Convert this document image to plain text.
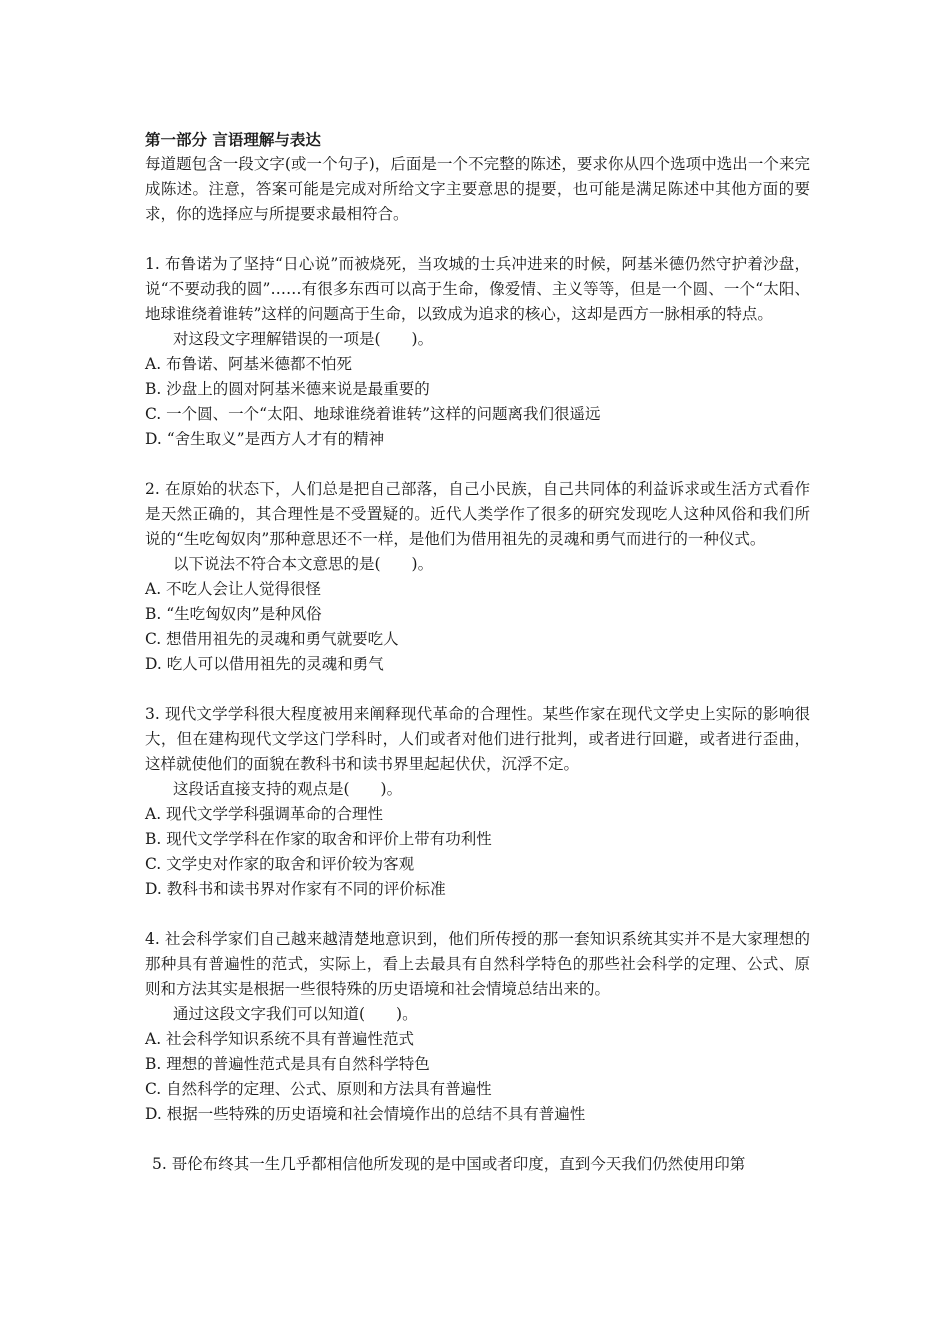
第一部分 言语理解与表达
每道题包含一段文字(或一个句子)，后面是一个不完整的陈述，要求你从四个选项中选出一个来完成陈述。注意，答案可能是完成对所给文字主要意思的提要，也可能是满足陈述中其他方面的要求，你的选择应与所提要求最相符合。
1. 布鲁诺为了坚持“日心说”而被烧死，当攻城的士兵冲进来的时候，阿基米德仍然守护着沙盘，说“不要动我的圆”……有很多东西可以高于生命，像爱情、主义等等，但是一个圆、一个“太阳、地球谁绕着谁转”这样的问题高于生命，以致成为追求的核心，这却是西方一脉相承的特点。
对这段文字理解错误的一项是(　　)。
A. 布鲁诺、阿基米德都不怕死
B. 沙盘上的圆对阿基米德来说是最重要的
C. 一个圆、一个“太阳、地球谁绕着谁转”这样的问题离我们很遥远
D. “舍生取义”是西方人才有的精神
2. 在原始的状态下，人们总是把自己部落，自己小民族，自己共同体的利益诉求或生活方式看作是天然正确的，其合理性是不受置疑的。近代人类学作了很多的研究发现吃人这种风俗和我们所说的“生吃匈奴肉”那种意思还不一样，是他们为借用祖先的灵魂和勇气而进行的一种仪式。
以下说法不符合本文意思的是(　　)。
A. 不吃人会让人觉得很怪
B. “生吃匈奴肉”是种风俗
C. 想借用祖先的灵魂和勇气就要吃人
D. 吃人可以借用祖先的灵魂和勇气
3. 现代文学学科很大程度被用来阐释现代革命的合理性。某些作家在现代文学史上实际的影响很大，但在建构现代文学这门学科时，人们或者对他们进行批判，或者进行回避，或者进行歪曲，这样就使他们的面貌在教科书和读书界里起起伏伏，沉浮不定。
这段话直接支持的观点是(　　)。
A. 现代文学学科强调革命的合理性
B. 现代文学学科在作家的取舍和评价上带有功利性
C. 文学史对作家的取舍和评价较为客观
D. 教科书和读书界对作家有不同的评价标准
4. 社会科学家们自己越来越清楚地意识到，他们所传授的那一套知识系统其实并不是大家理想的那种具有普遍性的范式，实际上，看上去最具有自然科学特色的那些社会科学的定理、公式、原则和方法其实是根据一些很特殊的历史语境和社会情境总结出来的。
通过这段文字我们可以知道(　　)。
A. 社会科学知识系统不具有普遍性范式
B. 理想的普遍性范式是具有自然科学特色
C. 自然科学的定理、公式、原则和方法具有普遍性
D. 根据一些特殊的历史语境和社会情境作出的总结不具有普遍性
5. 哥伦布终其一生几乎都相信他所发现的是中国或者印度，直到今天我们仍然使用印第
